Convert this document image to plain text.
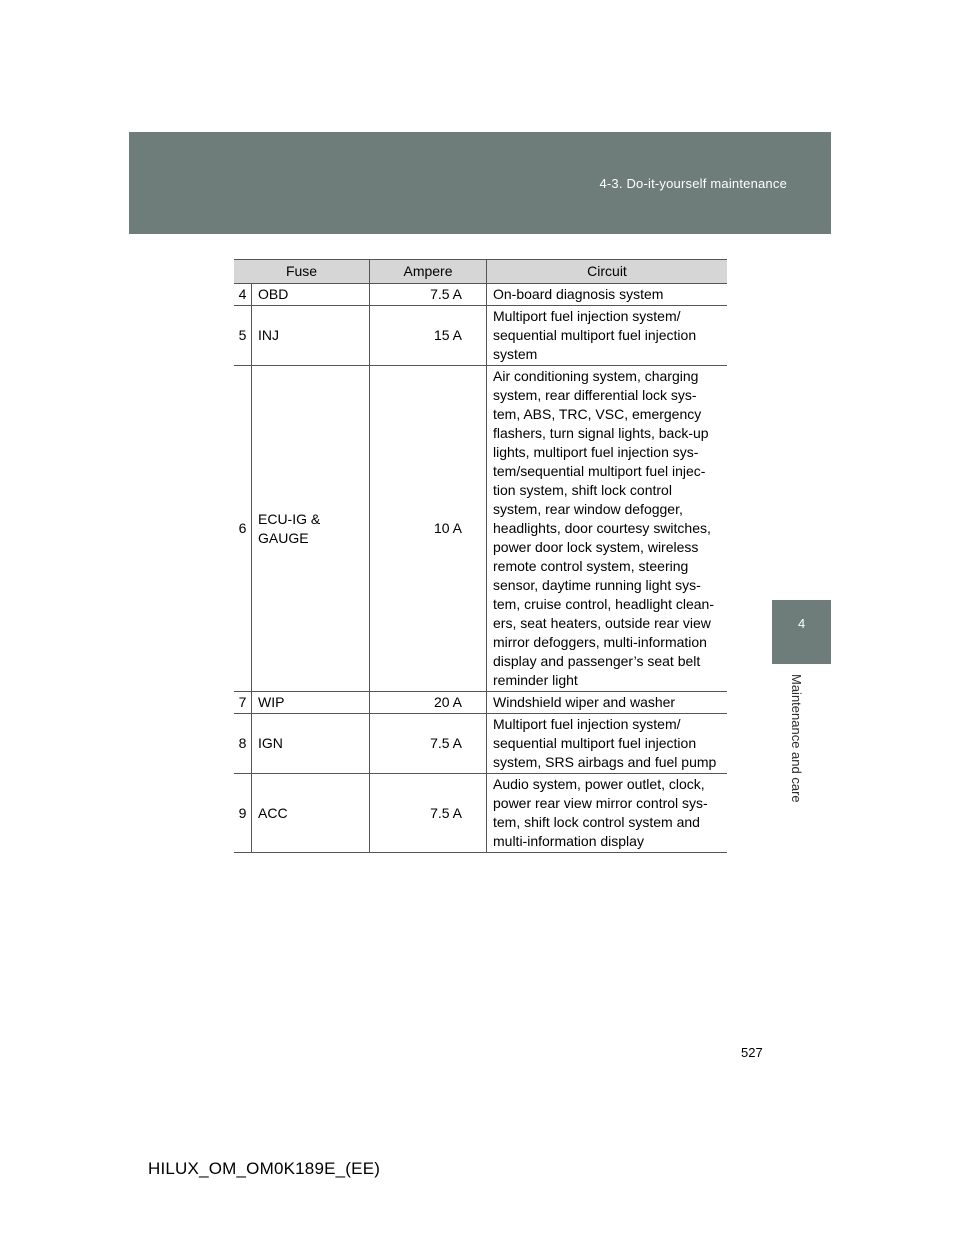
4-3. Do-it-yourself maintenance
4
Maintenance and care
Fuse		Ampere	Circuit
4	OBD	7.5 A	On-board diagnosis system
5	INJ	15 A	Multiport fuel injection system/ sequential multiport fuel injection system
6	ECU-IG & GAUGE	10 A	Air conditioning system, charging system, rear differential lock sys-tem, ABS, TRC, VSC, emergency flashers, turn signal lights, back-up lights, multiport fuel injection sys-tem/sequential multiport fuel injec-tion system, shift lock control system, rear window defogger, headlights, door courtesy switches, power door lock system, wireless remote control system, steering sensor, daytime running light sys-tem, cruise control, headlight clean-ers, seat heaters, outside rear view mirror defoggers, multi-information display and passenger’s seat belt reminder light
7	WIP	20 A	Windshield wiper and washer
8	IGN	7.5 A	Multiport fuel injection system/ sequential multiport fuel injection system, SRS airbags and fuel pump
9	ACC	7.5 A	Audio system, power outlet, clock, power rear view mirror control sys-tem, shift lock control system and multi-information display
527
HILUX_OM_OM0K189E_(EE)
